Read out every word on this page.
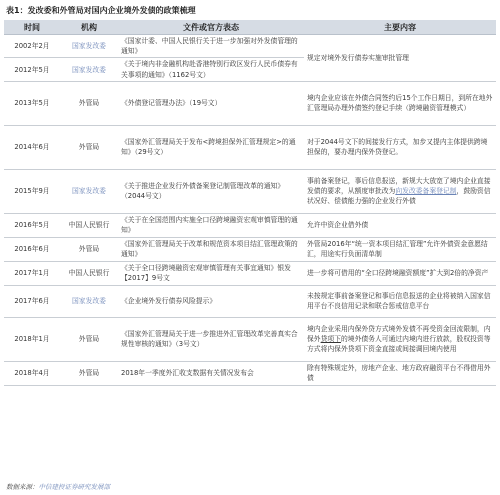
表1：发改委和外管局对国内企业境外发债的政策梳理
时间	机构	文件或官方表态	主要内容
2002年2月	国家发改委	《国家计委、中国人民银行关于进一步加强对外发债管理的通知》	规定对境外发行债券实施审批管理
2012年5月	国家发改委	《关于境内非金融机构赴香港特别行政区发行人民币债券有关事项的通知》（1162号文）	
2013年5月	外管局	《外债登记管理办法》（19号文）	境内企业应该在外债合同签约后15个工作日期日，到所在地外汇管理局办理外债签约登记手续（跨境融资管理模式）
2014年6月	外管局	《国家外汇管理局关于发布<跨境担保外汇管理规定>的通知》（29号文）	对于2044号文下的间接发行方式，加步又提内主体提供跨境担保的，要办理内保外贷登记。
2015年9月	国家发改委	《关于推进企业发行外债备案登记制管理改革的通知》（2044号文）	事前备案登记，事后信息报送，新规大大放宽了境内企业直接发债的要求，从额度审批改为向发改委备案登记制，鼓励资信状况好、偿债能力强的企业发行外债
2016年5月	中国人民银行	《关于在全国范围内实施全口径跨境融资宏观审慎管理的通知》	允许中资企业借外债
2016年6月	外管局	《国家外汇管理局关于改革和规范资本项目结汇管理政策的通知》	外管局2016年“统一资本项目结汇管理”允许外债资金意愿结汇，用途实行负面清单制
2017年1月	中国人民银行	《关于全口径跨境融资宏观审慎管理有关事宜通知》银发【2017】9号文	进一步将可借用的“全口径跨境融资额度”扩大到2倍的净资产
2017年6月	国家发改委	《企业境外发行债券风险提示》	未按规定事前备案登记和事后信息报送的企业将被纳入国家信用平台不良信用记录和联合惩戒信息平台
2018年1月	外管局	《国家外汇管理局关于进一步推进外汇管理改革完善真实合规性审核的通知》（3号文）	境内企业采用内保外贷方式境外发债不再受资金回流限制，内保外贷项下的境外债务人可通过内境内进行放款，股权投资等方式将内保外贷项下资金直接或间接调回境内使用
2018年4月	外管局	2018年一季度外汇收支数据有关情况发布会	除有特殊规定外，房地产企业、地方政府融资平台不得借用外债
数据来源：中信建投证券研究发展部
